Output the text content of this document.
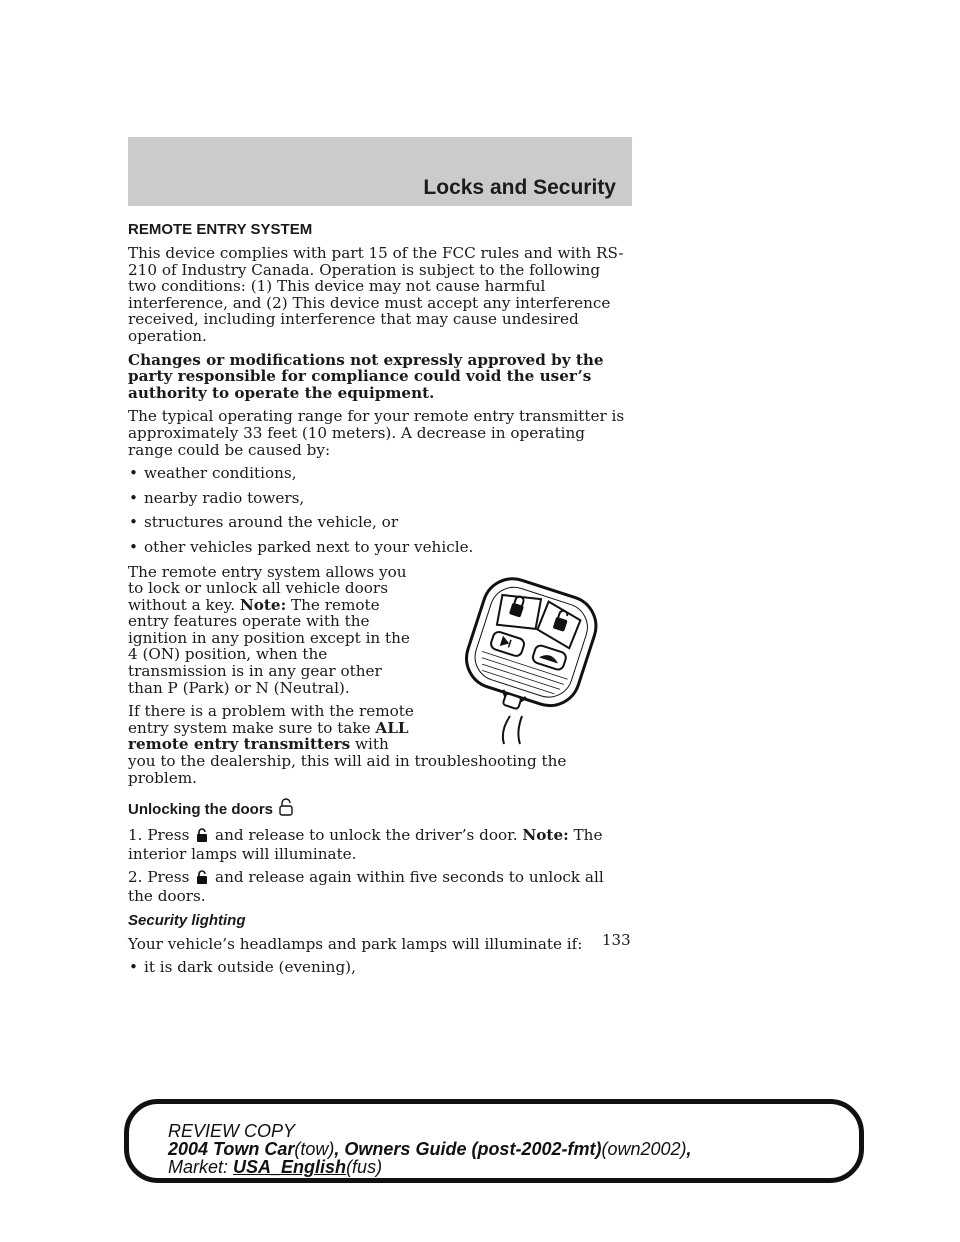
Locks and Security
REMOTE ENTRY SYSTEM

This device complies with part 15 of the FCC rules and with RS-210 of Industry Canada. Operation is subject to the following two conditions: (1) This device may not cause harmful interference, and (2) This device must accept any interference received, including interference that may cause undesired operation.

Changes or modifications not expressly approved by the party responsible for compliance could void the user’s authority to operate the equipment.

The typical operating range for your remote entry transmitter is approximately 33 feet (10 meters). A decrease in operating range could be caused by:

• weather conditions,
• nearby radio towers,
• structures around the vehicle, or
• other vehicles parked next to your vehicle.

The remote entry system allows you to lock or unlock all vehicle doors without a key. Note: The remote entry features operate with the ignition in any position except in the 4 (ON) position, when the transmission is in any gear other than P (Park) or N (Neutral).

If there is a problem with the remote entry system make sure to take ALL remote entry transmitters with you to the dealership, this will aid in troubleshooting the problem.

Unlocking the doors

1. Press and release to unlock the driver’s door. Note: The interior lamps will illuminate.

2. Press and release again within five seconds to unlock all the doors.

Security lighting

Your vehicle’s headlamps and park lamps will illuminate if:

• it is dark outside (evening),
133
REVIEW COPY
2004 Town Car(tow), Owners Guide (post-2002-fmt)(own2002),
Market: USA_English(fus)
